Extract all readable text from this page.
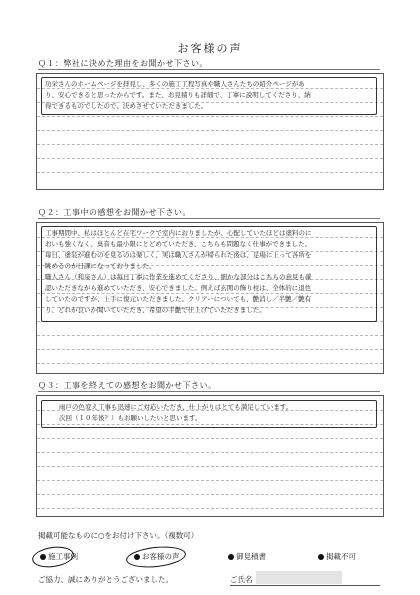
お客様の声
Ｑ１：弊社に決めた理由をお聞かせ下さい。
功栄さんのホームページを拝見し、多くの施工工程写真や職人さんたちの紹介ページがあ
り、安心できると思ったからです。また、お見積りも詳細で、丁寧に説明してくださり、納
得できるものでしたので、決めさせていただきました。
Ｑ２：工事中の感想をお聞かせ下さい。
工事期間中、私はほとんど在宅ワークで室内におりましたが、心配していたほどは塗料のに
おいも強くなく、臭音も最小限にとどめていただき、こちらも問題なく仕事ができました。
毎日、塗装が進むのを見るのは楽しく、実は職人さんが帰られた後は、足場に上って各所を
眺めるのが日課になっておりました。
職人さん（和泉さん）は毎日丁寧に作業を進めてくださり、細かな部分はこちらの意見も確
認いただきながら進めていただき、安心できました。例えば玄関の飾り柱は、全体的に退色
していたのですが、上手に復元いただきました。クリアーについても、艶消し／半艶／艶有
り、どれが良いか聞いていただき、希望の半艶で仕上げていただきました。
Ｑ３：工事を終えての感想をお聞かせ下さい。
雨戸の色変え工事も迅速にご対応いただき、仕上がりはとても満足しています。
次回（１０年後？）もお願いしたいと思います。
掲載可能なものに○をお付け下さい。（複数可）
施工事例	お客様の声	御見積書	掲載不可
ご協力、誠にありがとうございました。	ご氏名
